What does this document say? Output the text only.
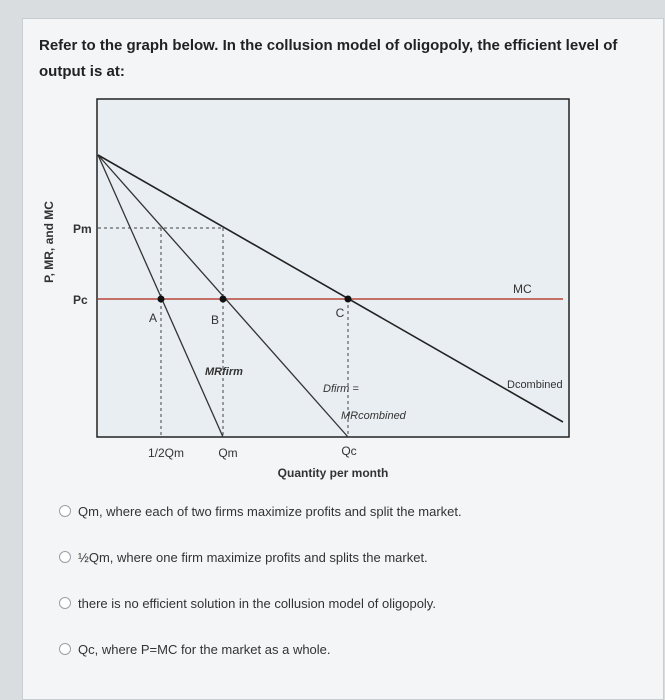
Refer to the graph below. In the collusion model of oligopoly, the efficient level of output is at:
P, MR, and MC
Quantity per month
A	B	C
Pm
Pc
MC
MRfirm
Dfirm =
MRcombined
Dcombined
1/2Qm	Qm	Qc
Qm, where each of two firms maximize profits and split the market.
½Qm, where one firm maximize profits and splits the market.
there is no efficient solution in the collusion model of oligopoly.
Qc, where P=MC for the market as a whole.
